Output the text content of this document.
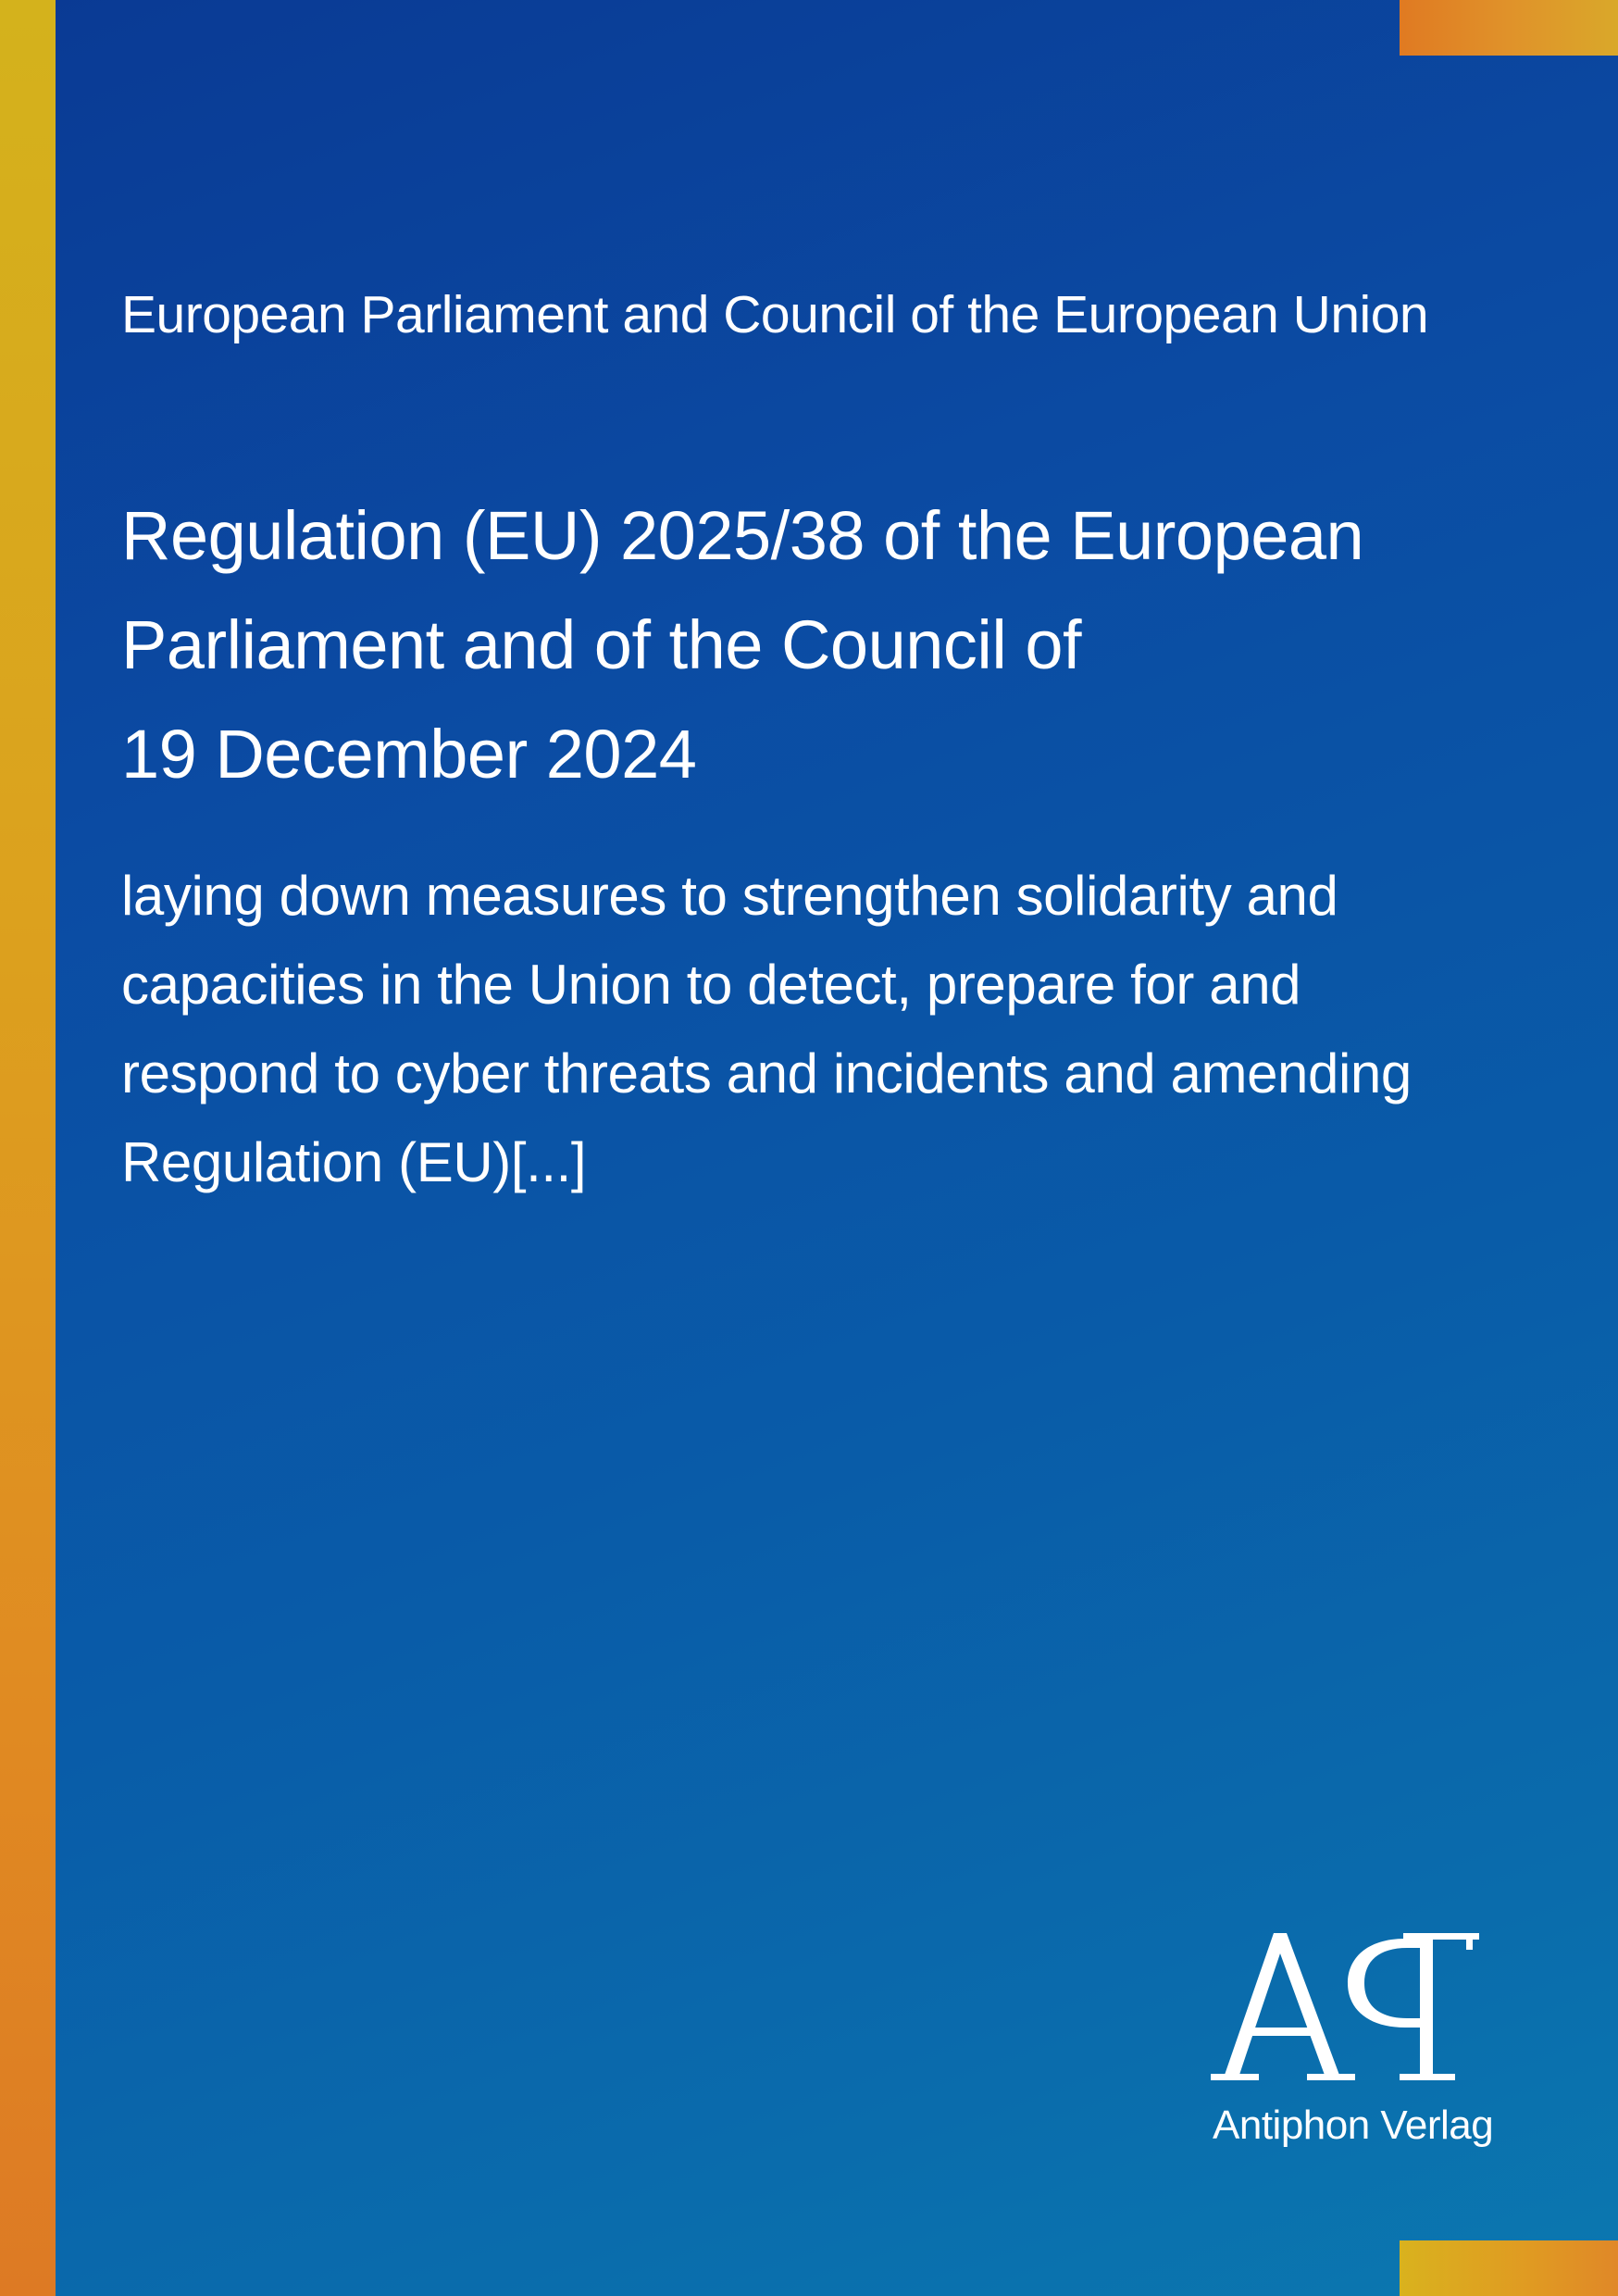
European Parliament and Council of the European Union
Regulation (EU) 2025/38 of the European
Parliament and of the Council of
19 December 2024
laying down measures to strengthen solidarity and
capacities in the Union to detect, prepare for and
respond to cyber threats and incidents and amending
Regulation (EU)[...]
Antiphon Verlag
